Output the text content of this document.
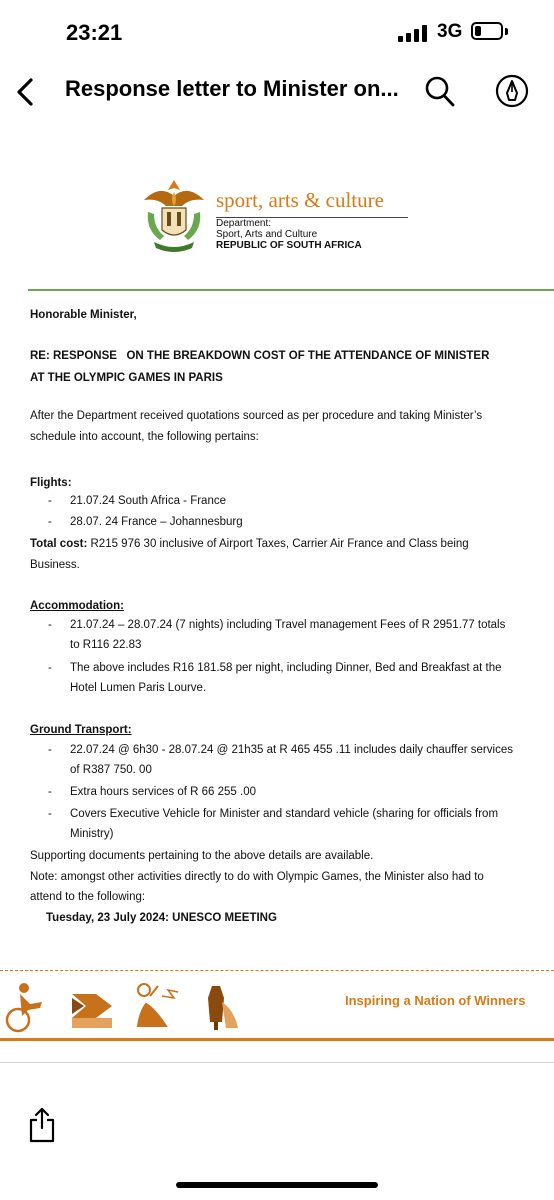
23:21	3G
Response letter to Minister on...
sport, arts & culture
Department:
Sport, Arts and Culture
REPUBLIC OF SOUTH AFRICA
Honorable Minister,
RE: RESPONSE   ON THE BREAKDOWN COST OF THE ATTENDANCE OF MINISTER
AT THE OLYMPIC GAMES IN PARIS
After the Department received quotations sourced as per procedure and taking Minister’s
schedule into account, the following pertains:
Flights:
- 21.07.24 South Africa - France
- 28.07. 24 France – Johannesburg
Total cost: R215 976 30 inclusive of Airport Taxes, Carrier Air France and Class being
Business.
Accommodation:
- 21.07.24 – 28.07.24 (7 nights) including Travel management Fees of R 2951.77 totals
to R116 22.83
- The above includes R16 181.58 per night, including Dinner, Bed and Breakfast at the
Hotel Lumen Paris Lourve.
Ground Transport:
- 22.07.24 @ 6h30 - 28.07.24 @ 21h35 at R 465 455 .11 includes daily chauffer services
of R387 750. 00
- Extra hours services of R 66 255 .00
- Covers Executive Vehicle for Minister and standard vehicle (sharing for officials from
Ministry)
Supporting documents pertaining to the above details are available.
Note: amongst other activities directly to do with Olympic Games, the Minister also had to
attend to the following:
Tuesday, 23 July 2024: UNESCO MEETING
Inspiring a Nation of Winners
